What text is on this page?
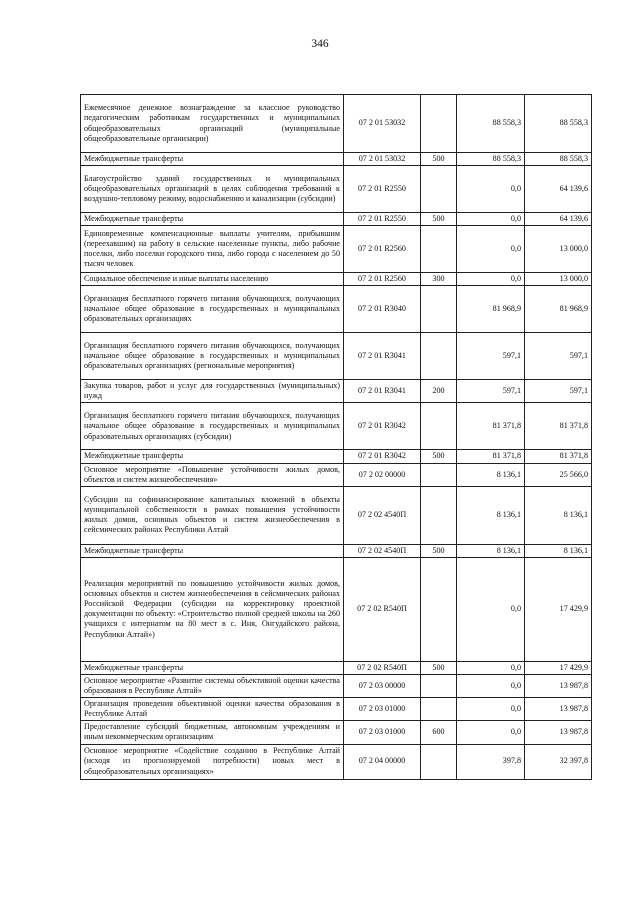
346
Ежемесячное денежное вознаграждение за классное руководство педагогическим работникам государственных и муниципальных общеобразовательных организаций (муниципальные общеобразовательные организации)	07 2 01 53032		88 558,3	88 558,3
Межбюджетные трансферты	07 2 01 53032	500	88 558,3	88 558,3
Благоустройство зданий государственных и муниципальных общеобразовательных организаций в целях соблюдения требований к воздушно-тепловому режиму, водоснабжению и канализации (субсидии)	07 2 01 R2550		0,0	64 139,6
Межбюджетные трансферты	07 2 01 R2550	500	0,0	64 139,6
Единовременные компенсационные выплаты учителям, прибывшим (переехавшим) на работу в сельские населенные пункты, либо рабочие поселки, либо поселки городского типа, либо города с населением до 50 тысяч человек	07 2 01 R2560		0,0	13 000,0
Социальное обеспечение и иные выплаты населению	07 2 01 R2560	300	0,0	13 000,0
Организация бесплатного горячего питания обучающихся, получающих начальное общее образование в государственных и муниципальных образовательных организациях	07 2 01 R3040		81 968,9	81 968,9
Организация бесплатного горячего питания обучающихся, получающих начальное общее образование в государственных и муниципальных образовательных организациях (региональные мероприятия)	07 2 01 R3041		597,1	597,1
Закупка товаров, работ и услуг для государственных (муниципальных) нужд	07 2 01 R3041	200	597,1	597,1
Организация бесплатного горячего питания обучающихся, получающих начальное общее образование в государственных и муниципальных образовательных организациях (субсидии)	07 2 01 R3042		81 371,8	81 371,8
Межбюджетные трансферты	07 2 01 R3042	500	81 371,8	81 371,8
Основное мероприятие «Повышение устойчивости жилых домов, объектов и систем жизнеобеспечения»	07 2 02 00000		8 136,1	25 566,0
Субсидии на софинансирование капитальных вложений в объекты муниципальной собственности в рамках повышения устойчивости жилых домов, основных объектов и систем жизнеобеспечения в сейсмических районах Республики Алтай	07 2 02 4540П		8 136,1	8 136,1
Межбюджетные трансферты	07 2 02 4540П	500	8 136,1	8 136,1
Реализация мероприятий по повышению устойчивости жилых домов, основных объектов и систем жизнеобеспечения в сейсмических районах Российской Федерации (субсидии на корректировку проектной документации по объекту: «Строительство полной средней школы на 260 учащихся с интернатом на 80 мест в с. Иня, Онгудайского района, Республики Алтай»)	07 2 02 R540П		0,0	17 429,9
Межбюджетные трансферты	07 2 02 R540П	500	0,0	17 429,9
Основное мероприятие «Развитие системы объективной оценки качества образования в Республике Алтай»	07 2 03 00000		0,0	13 987,8
Организация проведения объективной оценки качества образования в Республике Алтай	07 2 03 01000		0,0	13 987,8
Предоставление субсидий бюджетным, автономным учреждениям и иным некоммерческим организациям	07 2 03 01000	600	0,0	13 987,8
Основное мероприятие «Содействие созданию в Республике Алтай (исходя из прогнозируемой потребности) новых мест в общеобразовательных организациях»	07 2 04 00000		397,8	32 397,8
